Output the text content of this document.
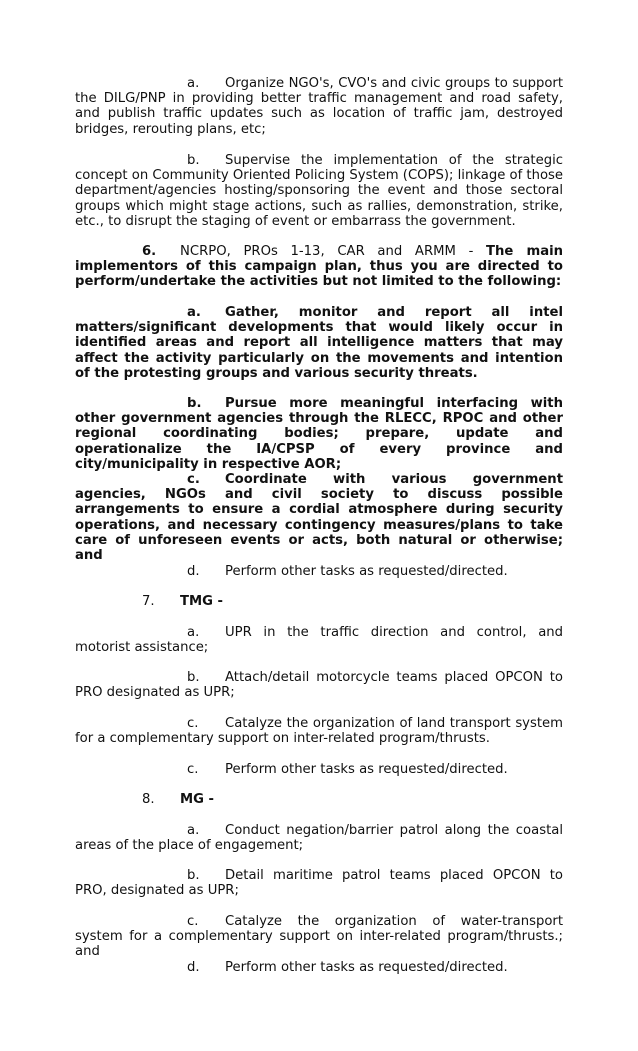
a. Organize NGO's, CVO's and civic groups to support the DILG/PNP in providing better traffic management and road safety, and publish traffic updates such as location of traffic jam, destroyed bridges, rerouting plans, etc;

b. Supervise the implementation of the strategic concept on Community Oriented Policing System (COPS); linkage of those department/agencies hosting/sponsoring the event and those sectoral groups which might stage actions, such as rallies, demonstration, strike, etc., to disrupt the staging of event or embarrass the government.

6. NCRPO, PROs 1-13, CAR and ARMM - The main implementors of this campaign plan, thus you are directed to perform/undertake the activities but not limited to the following:

a. Gather, monitor and report all intel matters/significant developments that would likely occur in identified areas and report all intelligence matters that may affect the activity particularly on the movements and intention of the protesting groups and various security threats.

b. Pursue more meaningful interfacing with other government agencies through the RLECC, RPOC and other regional coordinating bodies; prepare, update and operationalize the IA/CPSP of every province and city/municipality in respective AOR;

c. Coordinate with various government agencies, NGOs and civil society to discuss possible arrangements to ensure a cordial atmosphere during security operations, and necessary contingency measures/plans to take care of unforeseen events or acts, both natural or otherwise; and

d. Perform other tasks as requested/directed.

7. TMG -

a. UPR in the traffic direction and control, and motorist assistance;

b. Attach/detail motorcycle teams placed OPCON to PRO designated as UPR;

c. Catalyze the organization of land transport system for a complementary support on inter-related program/thrusts.

c. Perform other tasks as requested/directed.

8. MG -

a. Conduct negation/barrier patrol along the coastal areas of the place of engagement;

b. Detail maritime patrol teams placed OPCON to PRO, designated as UPR;

c. Catalyze the organization of water-transport system for a complementary support on inter-related program/thrusts.; and

d. Perform other tasks as requested/directed.
